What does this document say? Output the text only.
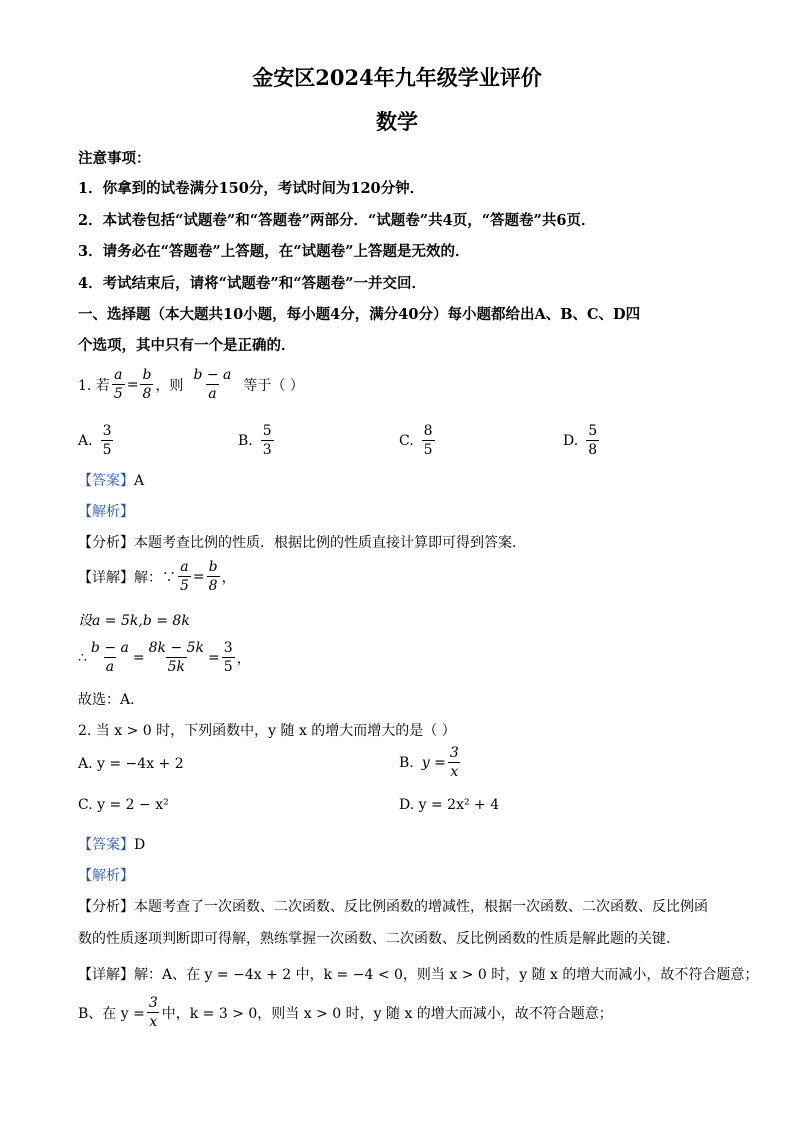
金安区2024年九年级学业评价
数学
注意事项：
1．你拿到的试卷满分150分，考试时间为120分钟．
2．本试卷包括“试题卷”和“答题卷”两部分．“试题卷”共4页，“答题卷”共6页．
3．请务必在“答题卷”上答题，在“试题卷”上答题是无效的．
4．考试结束后，请将“试题卷”和“答题卷”一并交回．
一、选择题（本大题共10小题，每小题4分，满分40分）每小题都给出A、B、C、D四
个选项，其中只有一个是正确的．
1. 若 $\frac{a}{5} = \frac{b}{8}$ ，则 $\frac{b - a}{a}$ 等于（ ）
A. $\frac{3}{5}$	B. $\frac{5}{3}$	C. $\frac{8}{5}$	D. $\frac{5}{8}$
【答案】A
【解析】
【分析】本题考查比例的性质．根据比例的性质直接计算即可得到答案．
【详解】 解：∵ $\frac{a}{5} = \frac{b}{8}$ ，
设a = 5k,b = 8k
∴ $\frac{b - a}{a} = \frac{8k - 5k}{5k} = \frac{3}{5}$ ，
故选：A．
2. 当 x > 0 时，下列函数中，y 随 x 的增大而增大的是（ ）
A. y = −4x + 2	B. $y = \frac{3}{x}$
C. y = 2 − x²	D. y = 2x² + 4
【答案】D
【解析】
【分析】本题考查了一次函数、二次函数、反比例函数的增减性，根据一次函数、二次函数、反比例函
数的性质逐项判断即可得解，熟练掌握一次函数、二次函数、反比例函数的性质是解此题的关键．
【详解】解：A、在 y = −4x + 2 中，k = −4 < 0，则当 x > 0 时，y 随 x 的增大而减小，故不符合题意；
B、在 $y = \frac{3}{x}$ 中，k = 3 > 0，则当 x > 0 时，y 随 x 的增大而减小，故不符合题意；
